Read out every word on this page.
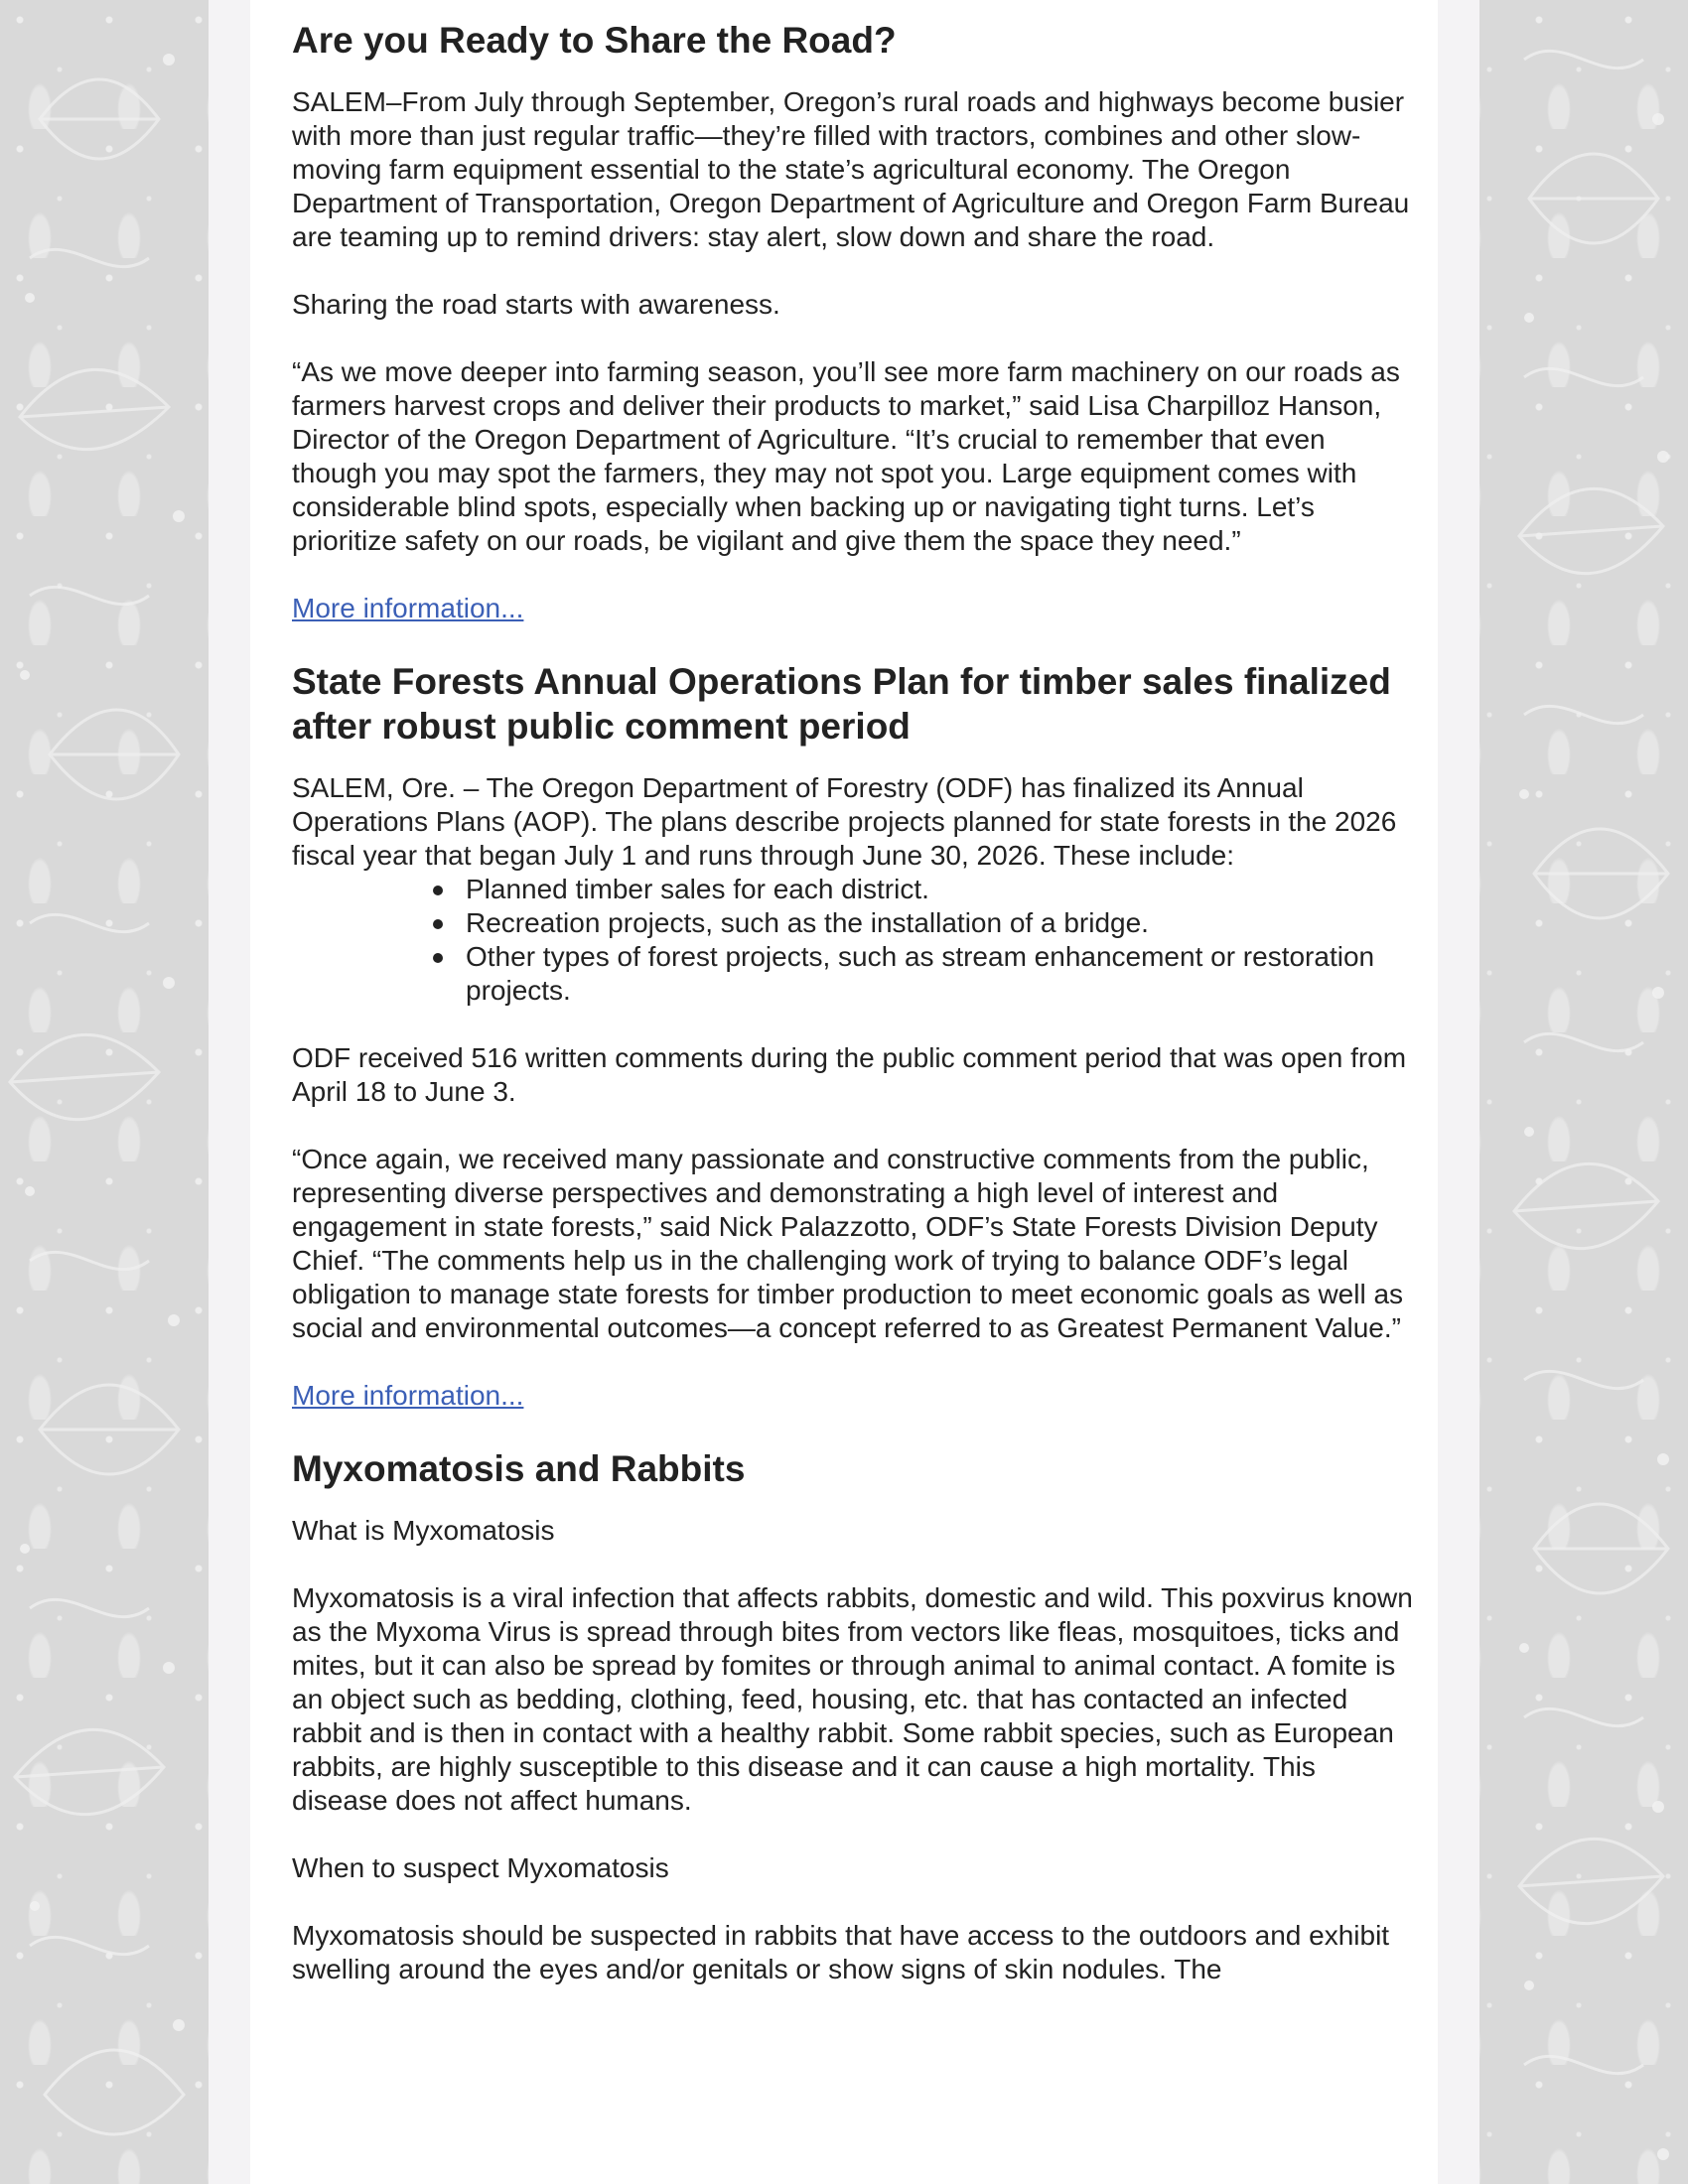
Are you Ready to Share the Road?

SALEM–From July through September, Oregon’s rural roads and highways become busier with more than just regular traffic—they’re filled with tractors, combines and other slow-moving farm equipment essential to the state’s agricultural economy. The Oregon Department of Transportation, Oregon Department of Agriculture and Oregon Farm Bureau are teaming up to remind drivers: stay alert, slow down and share the road.

Sharing the road starts with awareness.

“As we move deeper into farming season, you’ll see more farm machinery on our roads as farmers harvest crops and deliver their products to market,” said Lisa Charpilloz Hanson, Director of the Oregon Department of Agriculture. “It’s crucial to remember that even though you may spot the farmers, they may not spot you. Large equipment comes with considerable blind spots, especially when backing up or navigating tight turns. Let’s prioritize safety on our roads, be vigilant and give them the space they need.”

More information...
State Forests Annual Operations Plan for timber sales finalized after robust public comment period

SALEM, Ore. – The Oregon Department of Forestry (ODF) has finalized its Annual Operations Plans (AOP). The plans describe projects planned for state forests in the 2026 fiscal year that began July 1 and runs through June 30, 2026. These include:

Planned timber sales for each district.
Recreation projects, such as the installation of a bridge.
Other types of forest projects, such as stream enhancement or restoration projects.

ODF received 516 written comments during the public comment period that was open from April 18 to June 3.

“Once again, we received many passionate and constructive comments from the public, representing diverse perspectives and demonstrating a high level of interest and engagement in state forests,” said Nick Palazzotto, ODF’s State Forests Division Deputy Chief. “The comments help us in the challenging work of trying to balance ODF’s legal obligation to manage state forests for timber production to meet economic goals as well as social and environmental outcomes—a concept referred to as Greatest Permanent Value.”

More information...
Myxomatosis and Rabbits

What is Myxomatosis

Myxomatosis is a viral infection that affects rabbits, domestic and wild. This poxvirus known as the Myxoma Virus is spread through bites from vectors like fleas, mosquitoes, ticks and mites, but it can also be spread by fomites or through animal to animal contact. A fomite is an object such as bedding, clothing, feed, housing, etc. that has contacted an infected rabbit and is then in contact with a healthy rabbit. Some rabbit species, such as European rabbits, are highly susceptible to this disease and it can cause a high mortality. This disease does not affect humans.

When to suspect Myxomatosis

Myxomatosis should be suspected in rabbits that have access to the outdoors and exhibit swelling around the eyes and/or genitals or show signs of skin nodules. The
